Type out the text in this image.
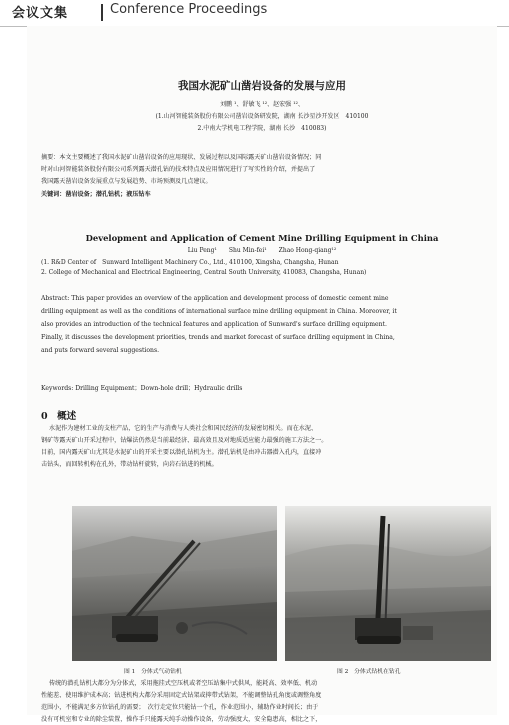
会议文集	Conference Proceedings
我国水泥矿山凿岩设备的发展与应用
刘鹏 ¹、舒敏飞 ¹²、赵宏强 ¹²、
(1.山河智能装备股份有限公司凿岩设备研发院，湖南 长沙星沙开发区　410100
2.中南大学机电工程学院，湖南 长沙　410083)
摘要：本文主要概述了我国水泥矿山凿岩设备的应用现状、发展过程以及国际露天矿山凿岩设备情况；同
时对山河智能装备股份有限公司系列露天潜孔钻的技术特点及应用情况进行了写实性的介绍，并提出了
我国露天凿岩设备发展重点与发展趋势、市场预测及几点建议。
关键词：凿岩设备；潜孔钻机；液压钻车
Development and Application of Cement Mine Drilling Equipment in China
Liu Peng¹　　Shu Min-fei¹　　Zhao Hong-qiang¹²
(1. R&D Center of　Sunward Intelligent Machinery Co., Ltd., 410100, Xingsha, Changsha, Hunan
2. College of Mechanical and Electrical Engineering, Central South University, 410083, Changsha, Hunan)
Abstract: This paper provides an overview of the application and development process of domestic cement mine
drilling equipment as well as the conditions of international surface mine drilling equipment in China. Moreover, it
also provides an introduction of the technical features and application of Sunward's surface drilling equipment.
Finally, it discusses the development priorities, trends and market forecast of surface drilling equipment in China,
and puts forward several suggestions.
Keywords: Drilling Equipment；Down-hole drill；Hydraulic drills
0　概述
水泥作为建材工业的支柱产品，它的生产与消费与人类社会和国民经济的发展密切相关。而在水泥、
钢矿等露天矿山开采过程中，钻爆法仍然是当前最经济、最高效且及对地质适应能力最强的施工方法之一。
目前，国内露天矿山尤其是水泥矿山的开采主要以潜孔钻机为主。潜孔钻机是由冲击器潜入孔内，直接冲
击钻头，而回转机构在孔外，带动钻杆旋转，向岩石钻进的机械。
图 1　分体式气动钻机	图 2　分体式钻机在钻孔
传统的潜孔钻机大都分为分体式，采用拖挂式空压机或者空压站集中式供风，能耗高、效率低、机动
性能差、使用维护成本高；钻进机构大都分采用固定式钻架或抑带式钻架，不能调整钻孔角度或调整角度
范围小，不能满足多方位钻孔的需要；　次行走定位只能钻一个孔，作业范围小，辅助作业时间长；由于
没有可机室和专业的除尘装置，操作手只能露天纯手动操作设备，劳动强度大，安全隐患高，相比之下，
